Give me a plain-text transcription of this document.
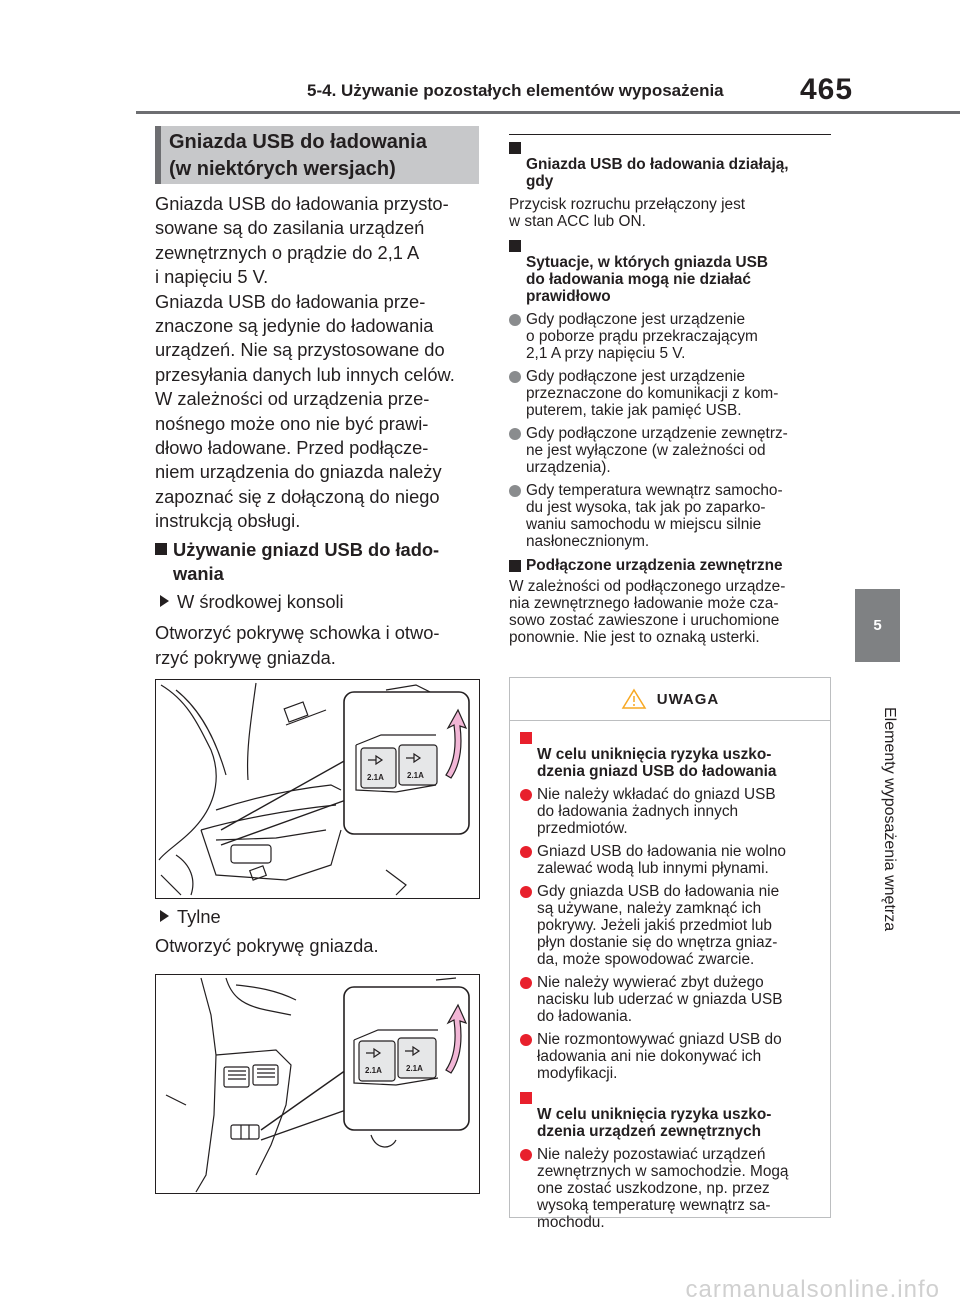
5-4. Używanie pozostałych elementów wyposażenia	465
5
Elementy wyposażenia wnętrza
Gniazda USB do ładowania
(w niektórych wersjach)

Gniazda USB do ładowania przysto-

sowane są do zasilania urządzeń

zewnętrznych o prądzie do 2,1 A

i napięciu 5 V.

Gniazda USB do ładowania prze-

znaczone są jedynie do ładowania

urządzeń. Nie są przystosowane do

przesyłania danych lub innych celów.

W zależności od urządzenia prze-

nośnego może ono nie być prawi-

dłowo ładowane. Przed podłącze-

niem urządzenia do gniazda należy

zapoznać się z dołączoną do niego

instrukcją obsługi.

Używanie gniazd USB do łado-
wania
W środkowej konsoli
Otworzyć pokrywę schowka i otwo-
rzyć pokrywę gniazda.
2.1A	2.1A
Tylne
Otworzyć pokrywę gniazda.
2.1A	2.1A

Gniazda USB do ładowania działają,
gdy

Przycisk rozruchu przełączony jest
w stan ACC lub ON.

Sytuacje, w których gniazda USB
do ładowania mogą nie działać
prawidłowo

Gdy podłączone jest urządzenie
o poborze prądu przekraczającym
2,1 A przy napięciu 5 V.
Gdy podłączone jest urządzenie
przeznaczone do komunikacji z kom-
puterem, takie jak pamięć USB.
Gdy podłączone urządzenie zewnętrz-
ne jest wyłączone (w zależności od
urządzenia).
Gdy temperatura wewnątrz samocho-
du jest wysoka, tak jak po zaparko-
waniu samochodu w miejscu silnie
nasłonecznionym.
Podłączone urządzenia zewnętrzne
W zależności od podłączonego urządze-
nia zewnętrznego ładowanie może cza-
sowo zostać zawieszone i uruchomione
ponownie. Nie jest to oznaką usterki.
UWAGA

W celu uniknięcia ryzyka uszko-
dzenia gniazd USB do ładowania

Nie należy wkładać do gniazd USB
do ładowania żadnych innych
przedmiotów.
Gniazd USB do ładowania nie wolno
zalewać wodą lub innymi płynami.
Gdy gniazda USB do ładowania nie
są używane, należy zamknąć ich
pokrywy. Jeżeli jakiś przedmiot lub
płyn dostanie się do wnętrza gniaz-
da, może spowodować zwarcie.
Nie należy wywierać zbyt dużego
nacisku lub uderzać w gniazda USB
do ładowania.
Nie rozmontowywać gniazd USB do
ładowania ani nie dokonywać ich
modyfikacji.

W celu uniknięcia ryzyka uszko-
dzenia urządzeń zewnętrznych

Nie należy pozostawiać urządzeń
zewnętrznych w samochodzie. Mogą
one zostać uszkodzone, np. przez
wysoką temperaturę wewnątrz sa-
mochodu.
carmanualsonline.info
